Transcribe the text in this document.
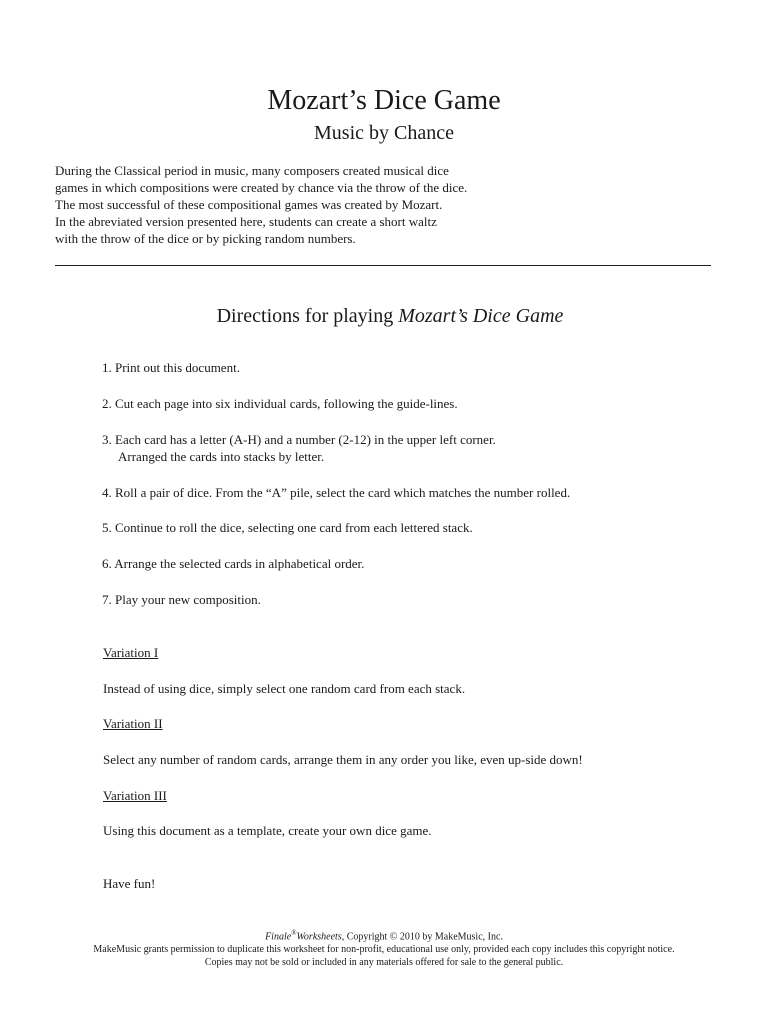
Mozart’s Dice Game
Music by Chance
During the Classical period in music, many composers created musical dice
games in which compositions were created by chance via the throw of the dice.
The most successful of these compositional games was created by Mozart.
In the abreviated version presented here, students can create a short waltz
with the throw of the dice or by picking random numbers.
Directions for playing Mozart’s Dice Game
1. Print out this document.
2. Cut each page into six individual cards, following the guide-lines.
3. Each card has a letter (A-H) and a number (2-12) in the upper left corner.
Arranged the cards into stacks by letter.
4. Roll a pair of dice. From the “A” pile, select the card which matches the number rolled.
5. Continue to roll the dice, selecting one card from each lettered stack.
6. Arrange the selected cards in alphabetical order.
7. Play your new composition.
Variation I
Instead of using dice, simply select one random card from each stack.
Variation II
Select any number of random cards, arrange them in any order you like, even up-side down!
Variation III
Using this document as a template, create your own dice game.
Have fun!
Finale®Worksheets, Copyright © 2010 by MakeMusic, Inc.
MakeMusic grants permission to duplicate this worksheet for non-profit, educational use only, provided each copy includes this copyright notice.
Copies may not be sold or included in any materials offered for sale to the general public.
